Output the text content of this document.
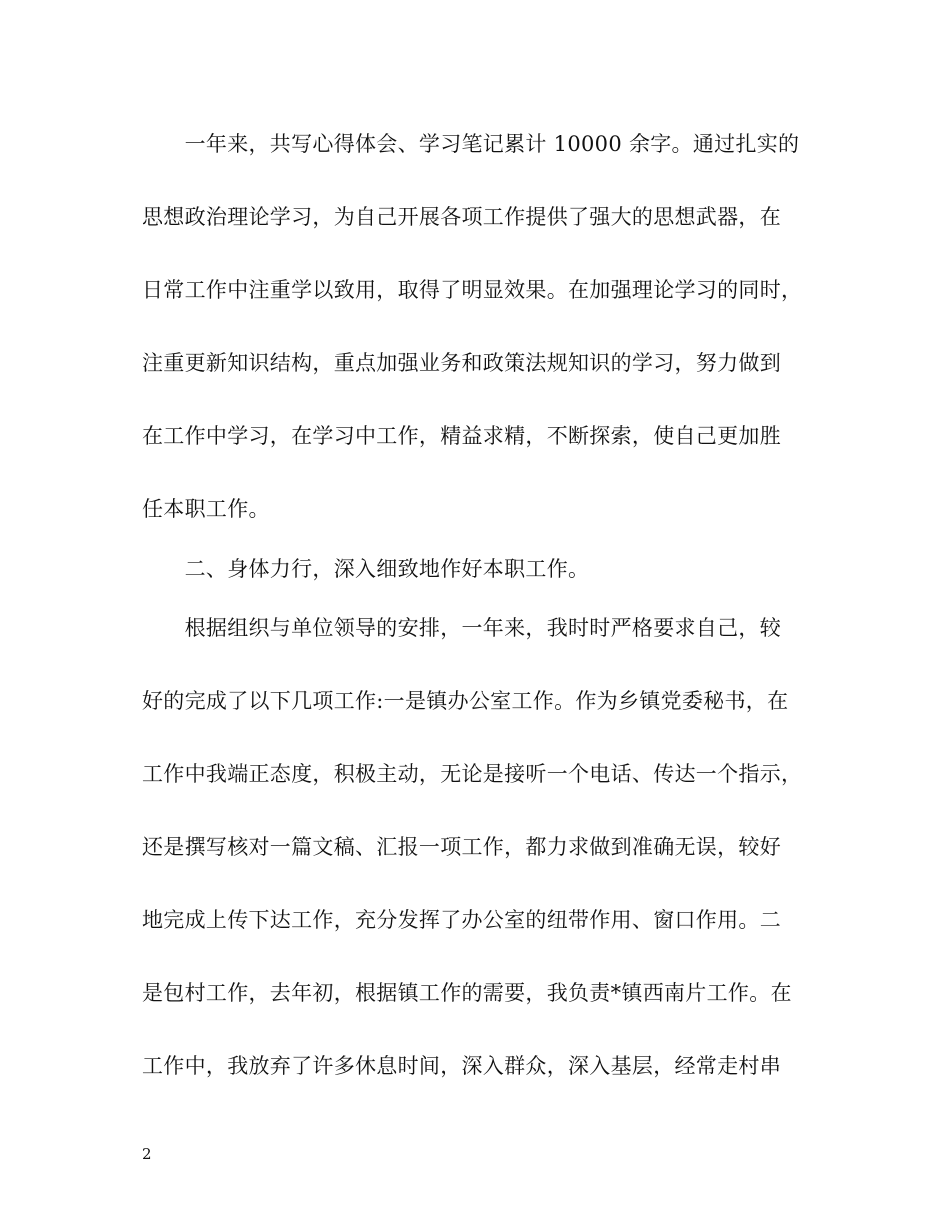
　　一年来，共写心得体会、学习笔记累计 10000 余字。通过扎实的
思想政治理论学习，为自己开展各项工作提供了强大的思想武器，在
日常工作中注重学以致用，取得了明显效果。在加强理论学习的同时，
注重更新知识结构，重点加强业务和政策法规知识的学习，努力做到
在工作中学习，在学习中工作，精益求精，不断探索，使自己更加胜
任本职工作。
　　二、身体力行，深入细致地作好本职工作。
　　根据组织与单位领导的安排，一年来，我时时严格要求自己，较
好的完成了以下几项工作:一是镇办公室工作。作为乡镇党委秘书，在
工作中我端正态度，积极主动，无论是接听一个电话、传达一个指示，
还是撰写核对一篇文稿、汇报一项工作，都力求做到准确无误，较好
地完成上传下达工作，充分发挥了办公室的纽带作用、窗口作用。二
是包村工作，去年初，根据镇工作的需要，我负责*镇西南片工作。在
工作中，我放弃了许多休息时间，深入群众，深入基层，经常走村串
2
